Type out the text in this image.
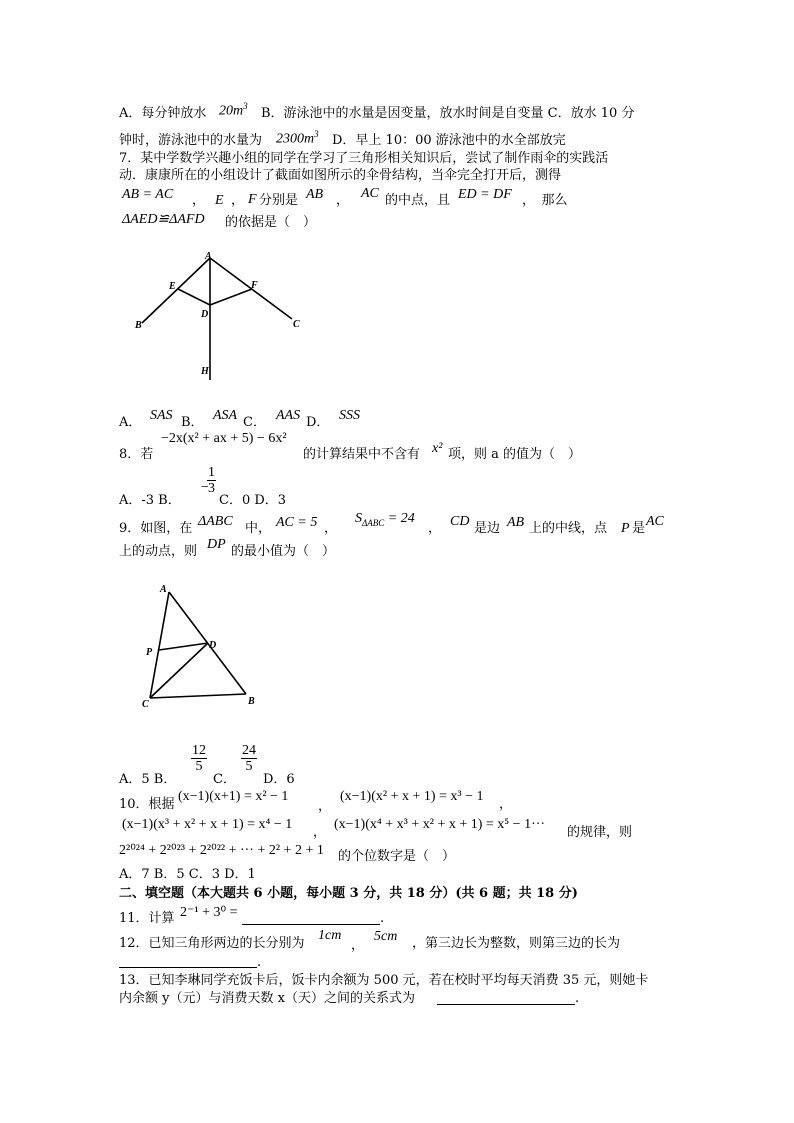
A．每分钟放水 $20m^3$ B．游泳池中的水量是因变量，放水时间是自变量 C．放水 10 分
钟时，游泳池中的水量为 $2300m^3$ D．早上 10：00 游泳池中的水全部放完
7．某中学数学兴趣小组的同学在学习了三角形相关知识后，尝试了制作雨伞的实践活
动．康康所在的小组设计了截面如图所示的伞骨结构，当伞完全打开后，测得
AB = AC ， E ， F 分别是 AB ， AC 的中点，且 ED = DF ，　那么
ΔAED≌ΔAFD 的依据是（　）
A
E	F
D
B	C
H
A． SAS B． ASA C． AAS D． SSS
8．若
−2x(x² + ax + 5) − 6x²
的计算结果中不含有 x² 项，则 a 的值为（　）
A．-3 B．
−
$\frac{1}{3}$
C．0 D．3
9．如图，在 ΔABC 中， AC = 5 ，
$S_{\Delta ABC} = 24$
， CD 是边 AB 上的中线，点 P 是 AC
上的动点，则 DP 的最小值为（　）
A
P
D
C	B
A．5 B．
$\frac{12}{5}$
C．
$\frac{24}{5}$
D．6
10．根据
(x−1)(x+1) = x² − 1
，
(x−1)(x² + x + 1) = x³ − 1
，
(x−1)(x³ + x² + x + 1) = x⁴ − 1
，
(x−1)(x⁴ + x³ + x² + x + 1) = x⁵ − 1···
的规律，则
2²⁰²⁴ + 2²⁰²³ + 2²⁰²² + ··· + 2² + 2 + 1 的个位数字是（　）
A．7 B．5 C．3 D．1
二、填空题（本大题共 6 小题，每小题 3 分，共 18 分）(共 6 题；共 18 分)
11．计算 2⁻¹ + 3⁰ =	.
12．已知三角形两边的长分别为
1cm
，
5cm ，第三边长为整数，则第三边的长为
.
13．已知李琳同学充饭卡后，饭卡内余额为 500 元，若在校时平均每天消费 35 元，则她卡
内余额 y（元）与消费天数 x（天）之间的关系式为	.
